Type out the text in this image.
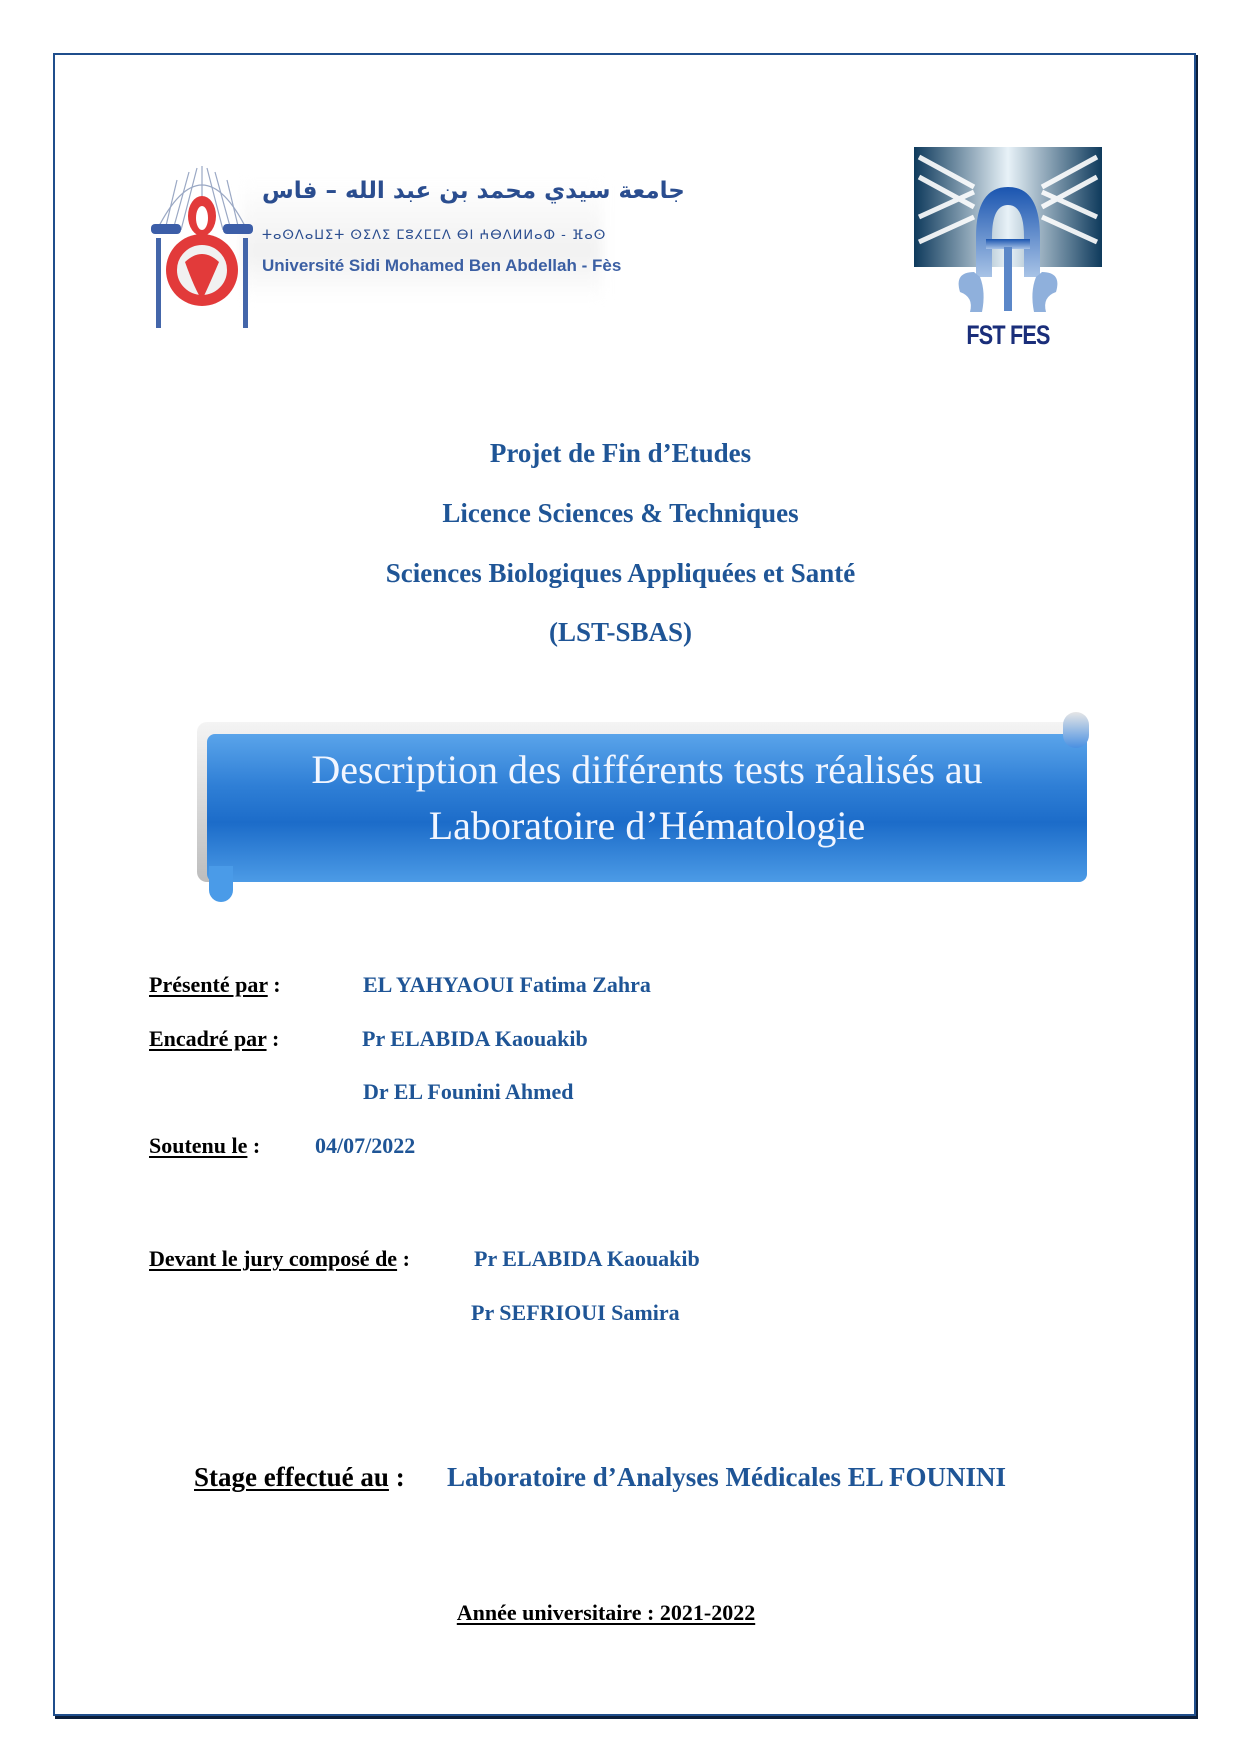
جامعة سيدي محمد بن عبد الله – فاس
ⵜⴰⵙⴷⴰⵡⵉⵜ ⵙⵉⴷⵉ ⵎⵓⵃⵎⵎⴷ ⴱⵏ ⵄⴱⴷⵍⵍⴰⵀ - ⴼⴰⵙ
Université Sidi Mohamed Ben Abdellah - Fès
FST FES
Projet de Fin d’Etudes
Licence Sciences & Techniques
Sciences Biologiques Appliquées et Santé
(LST-SBAS)
Description des différents tests réalisés au
Laboratoire d’Hématologie
Présenté par :	EL YAHYAOUI Fatima Zahra
Encadré par :	Pr ELABIDA Kaouakib
Dr EL Founini Ahmed
Soutenu le : 04/07/2022
Devant le jury composé de :	Pr ELABIDA Kaouakib
Pr SEFRIOUI Samira
Stage effectué au : Laboratoire d’Analyses Médicales EL FOUNINI
Année universitaire : 2021-2022
